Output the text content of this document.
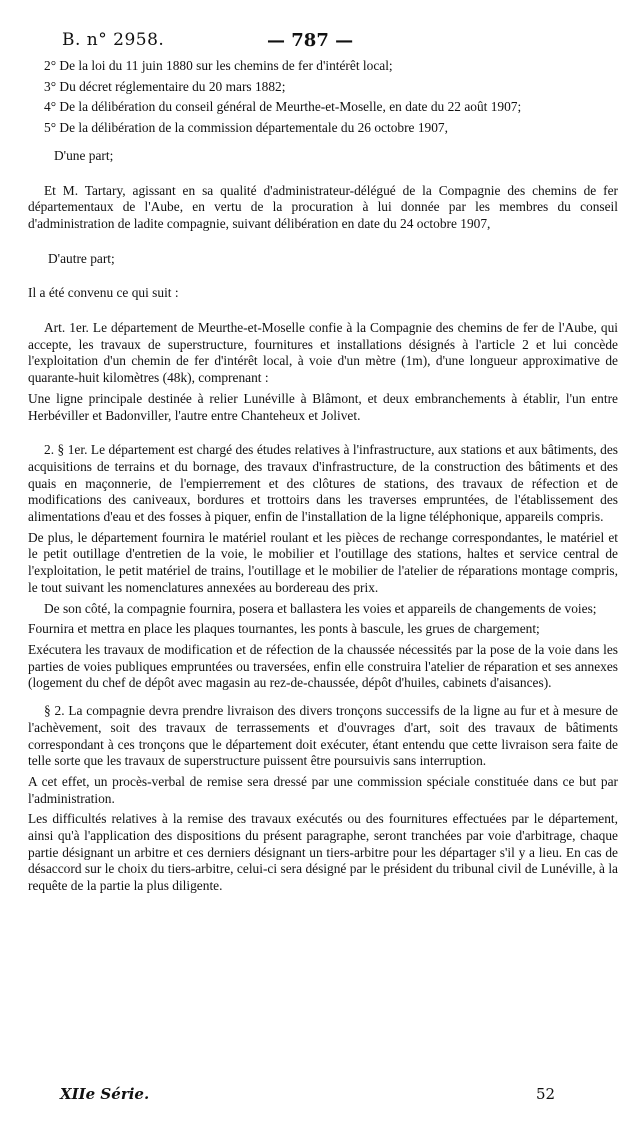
B. n° 2958.	— 787 —

2° De la loi du 11 juin 1880 sur les chemins de fer d'intérêt local;

3° Du décret réglementaire du 20 mars 1882;

4° De la délibération du conseil général de Meurthe-et-Moselle, en date du 22 août 1907;

5° De la délibération de la commission départementale du 26 octobre 1907,

D'une part;

Et M. Tartary, agissant en sa qualité d'administrateur-délégué de la Compagnie des chemins de fer départementaux de l'Aube, en vertu de la procuration à lui donnée par les membres du conseil d'administration de ladite compagnie, suivant délibération en date du 24 octobre 1907,

D'autre part;

Il a été convenu ce qui suit :

Art. 1er. Le département de Meurthe-et-Moselle confie à la Compagnie des chemins de fer de l'Aube, qui accepte, les travaux de superstructure, fournitures et installations désignés à l'article 2 et lui concède l'exploitation d'un chemin de fer d'intérêt local, à voie d'un mètre (1m), d'une longueur approximative de quarante-huit kilomètres (48k), comprenant :

Une ligne principale destinée à relier Lunéville à Blâmont, et deux embranchements à établir, l'un entre Herbéviller et Badonviller, l'autre entre Chanteheux et Jolivet.

2. § 1er. Le département est chargé des études relatives à l'infrastructure, aux stations et aux bâtiments, des acquisitions de terrains et du bornage, des travaux d'infrastructure, de la construction des bâtiments et des quais en maçonnerie, de l'empierrement et des clôtures de stations, des travaux de réfection et de modifications des caniveaux, bordures et trottoirs dans les traverses empruntées, de l'établissement des alimentations d'eau et des fosses à piquer, enfin de l'installation de la ligne téléphonique, appareils compris.

De plus, le département fournira le matériel roulant et les pièces de rechange correspondantes, le matériel et le petit outillage d'entretien de la voie, le mobilier et l'outillage des stations, haltes et service central de l'exploitation, le petit matériel de trains, l'outillage et le mobilier de l'atelier de réparations montage compris, le tout suivant les nomenclatures annexées au bordereau des prix.

De son côté, la compagnie fournira, posera et ballastera les voies et appareils de changements de voies;

Fournira et mettra en place les plaques tournantes, les ponts à bascule, les grues de chargement;

Exécutera les travaux de modification et de réfection de la chaussée nécessités par la pose de la voie dans les parties de voies publiques empruntées ou traversées, enfin elle construira l'atelier de réparation et ses annexes (logement du chef de dépôt avec magasin au rez-de-chaussée, dépôt d'huiles, cabinets d'aisances).

§ 2. La compagnie devra prendre livraison des divers tronçons successifs de la ligne au fur et à mesure de l'achèvement, soit des travaux de terrassements et d'ouvrages d'art, soit des travaux de bâtiments correspondant à ces tronçons que le département doit exécuter, étant entendu que cette livraison sera faite de telle sorte que les travaux de superstructure puissent être poursuivis sans interruption.

A cet effet, un procès-verbal de remise sera dressé par une commission spéciale constituée dans ce but par l'administration.

Les difficultés relatives à la remise des travaux exécutés ou des fournitures effectuées par le département, ainsi qu'à l'application des dispositions du présent paragraphe, seront tranchées par voie d'arbitrage, chaque partie désignant un arbitre et ces derniers désignant un tiers-arbitre pour les départager s'il y a lieu. En cas de désaccord sur le choix du tiers-arbitre, celui-ci sera désigné par le président du tribunal civil de Lunéville, à la requête de la partie la plus diligente.

XIIe Série.	52
